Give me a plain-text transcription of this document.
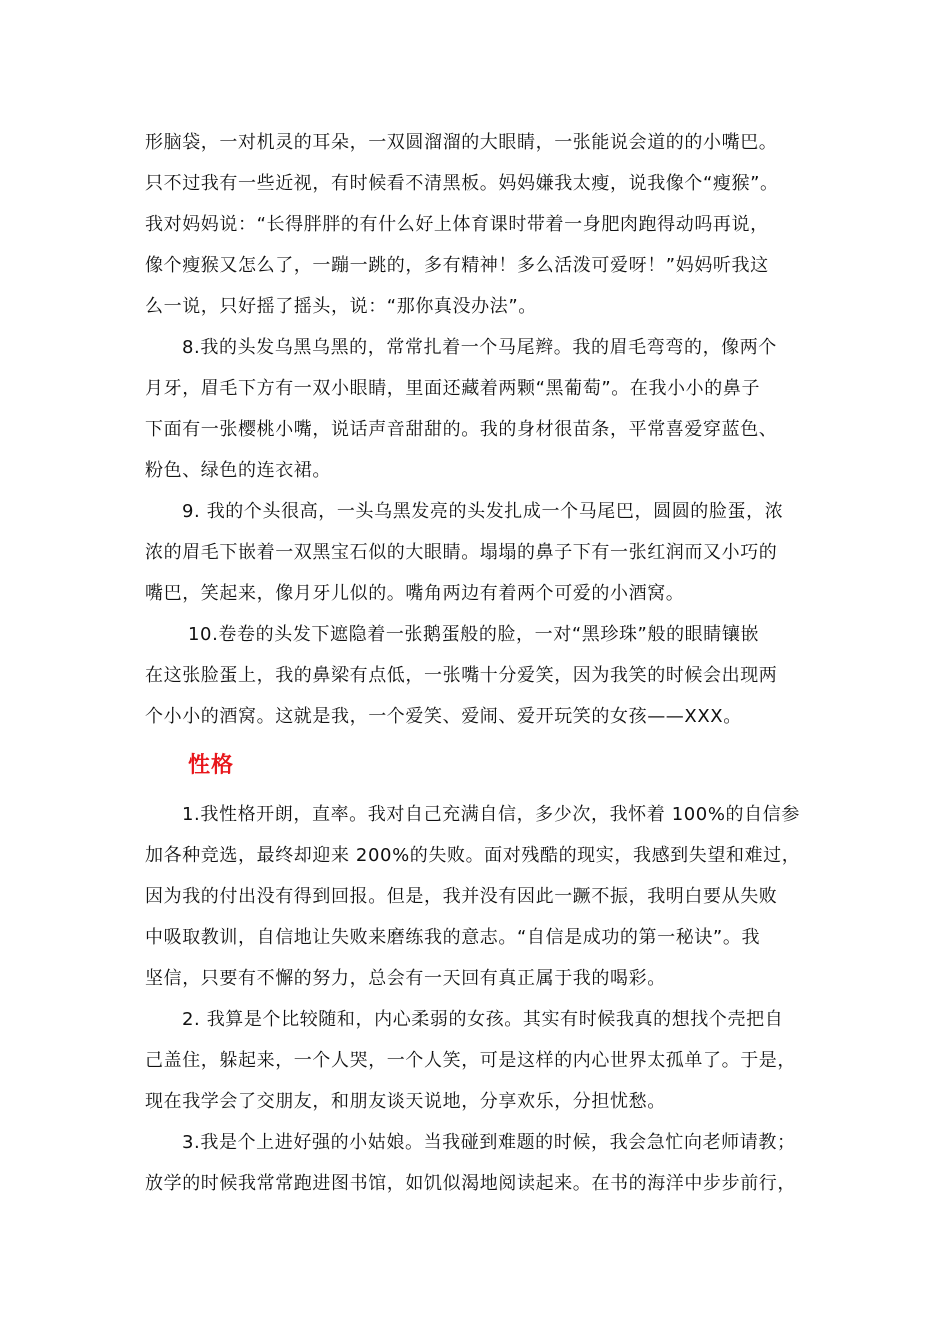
形脑袋，一对机灵的耳朵，一双圆溜溜的大眼睛，一张能说会道的的小嘴巴。
只不过我有一些近视，有时候看不清黑板。妈妈嫌我太瘦，说我像个“瘦猴”。
我对妈妈说：“长得胖胖的有什么好上体育课时带着一身肥肉跑得动吗再说，
像个瘦猴又怎么了，一蹦一跳的，多有精神！多么活泼可爱呀！”妈妈听我这
么一说，只好摇了摇头，说：“那你真没办法”。
8.我的头发乌黑乌黑的，常常扎着一个马尾辫。我的眉毛弯弯的，像两个
月牙，眉毛下方有一双小眼睛，里面还藏着两颗“黑葡萄”。在我小小的鼻子
下面有一张樱桃小嘴，说话声音甜甜的。我的身材很苗条，平常喜爱穿蓝色、
粉色、绿色的连衣裙。
9. 我的个头很高，一头乌黑发亮的头发扎成一个马尾巴，圆圆的脸蛋，浓
浓的眉毛下嵌着一双黑宝石似的大眼睛。塌塌的鼻子下有一张红润而又小巧的
嘴巴，笑起来，像月牙儿似的。嘴角两边有着两个可爱的小酒窝。
10.卷卷的头发下遮隐着一张鹅蛋般的脸，一对“黑珍珠”般的眼睛镶嵌
在这张脸蛋上，我的鼻梁有点低，一张嘴十分爱笑，因为我笑的时候会出现两
个小小的酒窝。这就是我，一个爱笑、爱闹、爱开玩笑的女孩——XXX。
性格
1.我性格开朗，直率。我对自己充满自信，多少次，我怀着 100%的自信参
加各种竞选，最终却迎来 200%的失败。面对残酷的现实，我感到失望和难过，
因为我的付出没有得到回报。但是，我并没有因此一蹶不振，我明白要从失败
中吸取教训，自信地让失败来磨练我的意志。“自信是成功的第一秘诀”。我
坚信，只要有不懈的努力，总会有一天回有真正属于我的喝彩。
2. 我算是个比较随和，内心柔弱的女孩。其实有时候我真的想找个壳把自
己盖住，躲起来，一个人哭，一个人笑，可是这样的内心世界太孤单了。于是，
现在我学会了交朋友，和朋友谈天说地，分享欢乐，分担忧愁。
3.我是个上进好强的小姑娘。当我碰到难题的时候，我会急忙向老师请教；
放学的时候我常常跑进图书馆，如饥似渴地阅读起来。在书的海洋中步步前行，
